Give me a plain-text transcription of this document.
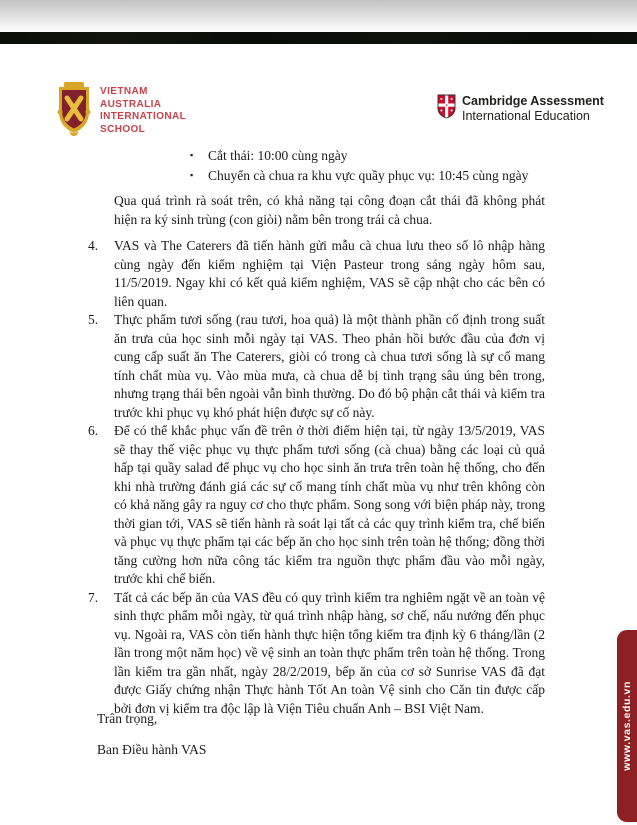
VIETNAM
AUSTRALIA
INTERNATIONAL
SCHOOL
Cambridge Assessment
International Education
▪	Cắt thái: 10:00 cùng ngày
▪	Chuyển cà chua ra khu vực quầy phục vụ: 10:45 cùng ngày

Qua quá trình rà soát trên, có khả năng tại công đoạn cắt thái đã không phát hiện ra ký sinh trùng (con giòi) nằm bên trong trái cà chua.

4.	VAS và The Caterers đã tiến hành gửi mẫu cà chua lưu theo số lô nhập hàng cùng ngày đến kiểm nghiệm tại Viện Pasteur trong sáng ngày hôm sau, 11/5/2019. Ngay khi có kết quả kiểm nghiệm, VAS sẽ cập nhật cho các bên có liên quan.
5.	Thực phẩm tươi sống (rau tươi, hoa quả) là một thành phần cố định trong suất ăn trưa của học sinh mỗi ngày tại VAS. Theo phản hồi bước đầu của đơn vị cung cấp suất ăn The Caterers, giòi có trong cà chua tươi sống là sự cố mang tính chất mùa vụ. Vào mùa mưa, cà chua dễ bị tình trạng sâu úng bên trong, nhưng trạng thái bên ngoài vẫn bình thường. Do đó bộ phận cắt thái và kiểm tra trước khi phục vụ khó phát hiện được sự cố này.
6.	Để có thể khắc phục vấn đề trên ở thời điểm hiện tại, từ ngày 13/5/2019, VAS sẽ thay thế việc phục vụ thực phẩm tươi sống (cà chua) bằng các loại củ quả hấp tại quầy salad để phục vụ cho học sinh ăn trưa trên toàn hệ thống, cho đến khi nhà trường đánh giá các sự cố mang tính chất mùa vụ như trên không còn có khả năng gây ra nguy cơ cho thực phẩm. Song song với biện pháp này, trong thời gian tới, VAS sẽ tiến hành rà soát lại tất cả các quy trình kiểm tra, chế biến và phục vụ thực phẩm tại các bếp ăn cho học sinh trên toàn hệ thống; đồng thời tăng cường hơn nữa công tác kiểm tra nguồn thực phẩm đầu vào mỗi ngày, trước khi chế biến.
7.	Tất cả các bếp ăn của VAS đều có quy trình kiểm tra nghiêm ngặt về an toàn vệ sinh thực phẩm mỗi ngày, từ quá trình nhập hàng, sơ chế, nấu nướng đến phục vụ. Ngoài ra, VAS còn tiến hành thực hiện tổng kiểm tra định kỳ 6 tháng/lần (2 lần trong một năm học) về vệ sinh an toàn thực phẩm trên toàn hệ thống. Trong lần kiểm tra gần nhất, ngày 28/2/2019, bếp ăn của cơ sở Sunrise VAS đã đạt được Giấy chứng nhận Thực hành Tốt An toàn Vệ sinh cho Căn tin được cấp bởi đơn vị kiểm tra độc lập là Viện Tiêu chuẩn Anh – BSI Việt Nam.

Trân trọng,

Ban Điều hành VAS	www.vas.edu.vn
